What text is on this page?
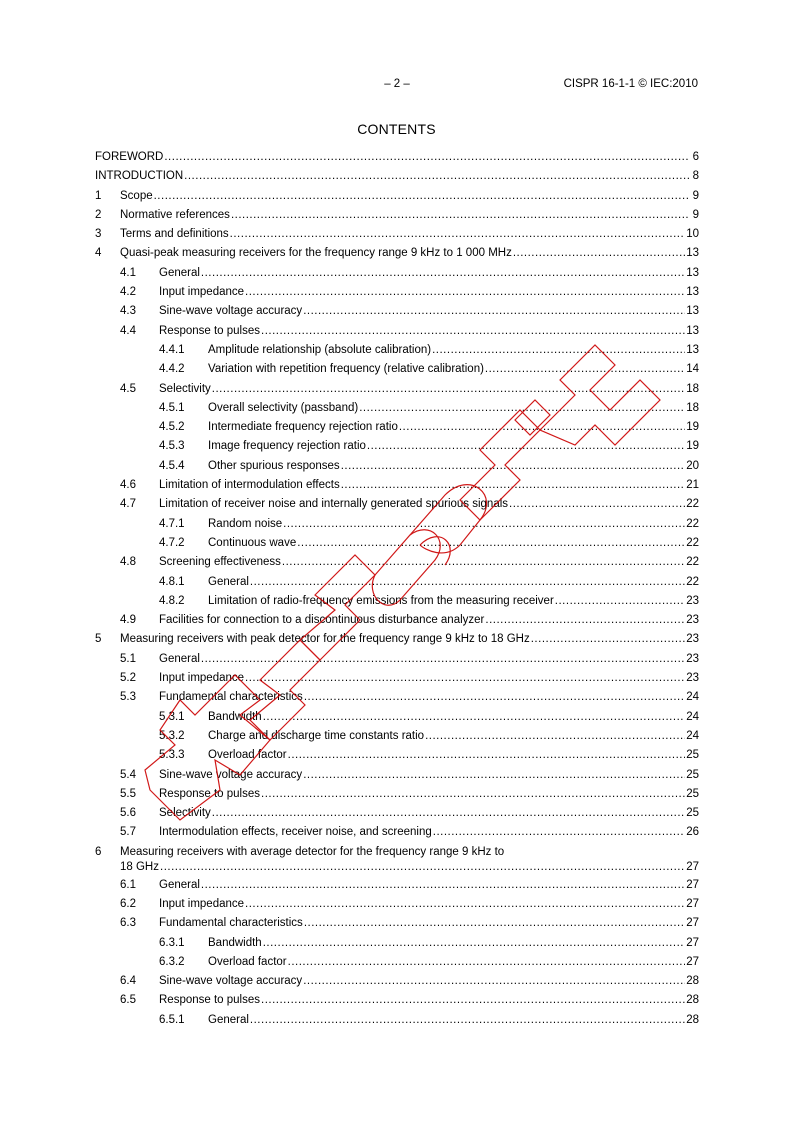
– 2 –	CISPR 16-1-1 © IEC:2010
CONTENTS
FOREWORD .....	6
INTRODUCTION .....	8
1	Scope .....	9
2	Normative references .....	9
3	Terms and definitions .....	10
4	Quasi-peak measuring receivers for the frequency range 9 kHz to 1 000 MHz .....	13
4.1	General .....	13
4.2	Input impedance .....	13
4.3	Sine-wave voltage accuracy .....	13
4.4	Response to pulses .....	13
4.4.1	Amplitude relationship (absolute calibration) .....	13
4.4.2	Variation with repetition frequency (relative calibration) .....	14
4.5	Selectivity .....	18
4.5.1	Overall selectivity (passband) .....	18
4.5.2	Intermediate frequency rejection ratio .....	19
4.5.3	Image frequency rejection ratio .....	19
4.5.4	Other spurious responses .....	20
4.6	Limitation of intermodulation effects .....	21
4.7	Limitation of receiver noise and internally generated spurious signals .....	22
4.7.1	Random noise .....	22
4.7.2	Continuous wave .....	22
4.8	Screening effectiveness .....	22
4.8.1	General .....	22
4.8.2	Limitation of radio-frequency emissions from the measuring receiver .....	23
4.9	Facilities for connection to a discontinuous disturbance analyzer .....	23
5	Measuring receivers with peak detector for the frequency range 9 kHz to 18 GHz .....	23
5.1	General .....	23
5.2	Input impedance .....	23
5.3	Fundamental characteristics .....	24
5.3.1	Bandwidth .....	24
5.3.2	Charge and discharge time constants ratio .....	24
5.3.3	Overload factor .....	25
5.4	Sine-wave voltage accuracy .....	25
5.5	Response to pulses .....	25
5.6	Selectivity .....	25
5.7	Intermodulation effects, receiver noise, and screening .....	26
6	Measuring receivers with average detector for the frequency range 9 kHz to
18 GHz .....	27
6.1	General .....	27
6.2	Input impedance .....	27
6.3	Fundamental characteristics .....	27
6.3.1	Bandwidth .....	27
6.3.2	Overload factor .....	27
6.4	Sine-wave voltage accuracy .....	28
6.5	Response to pulses .....	28
6.5.1	General .....	28
